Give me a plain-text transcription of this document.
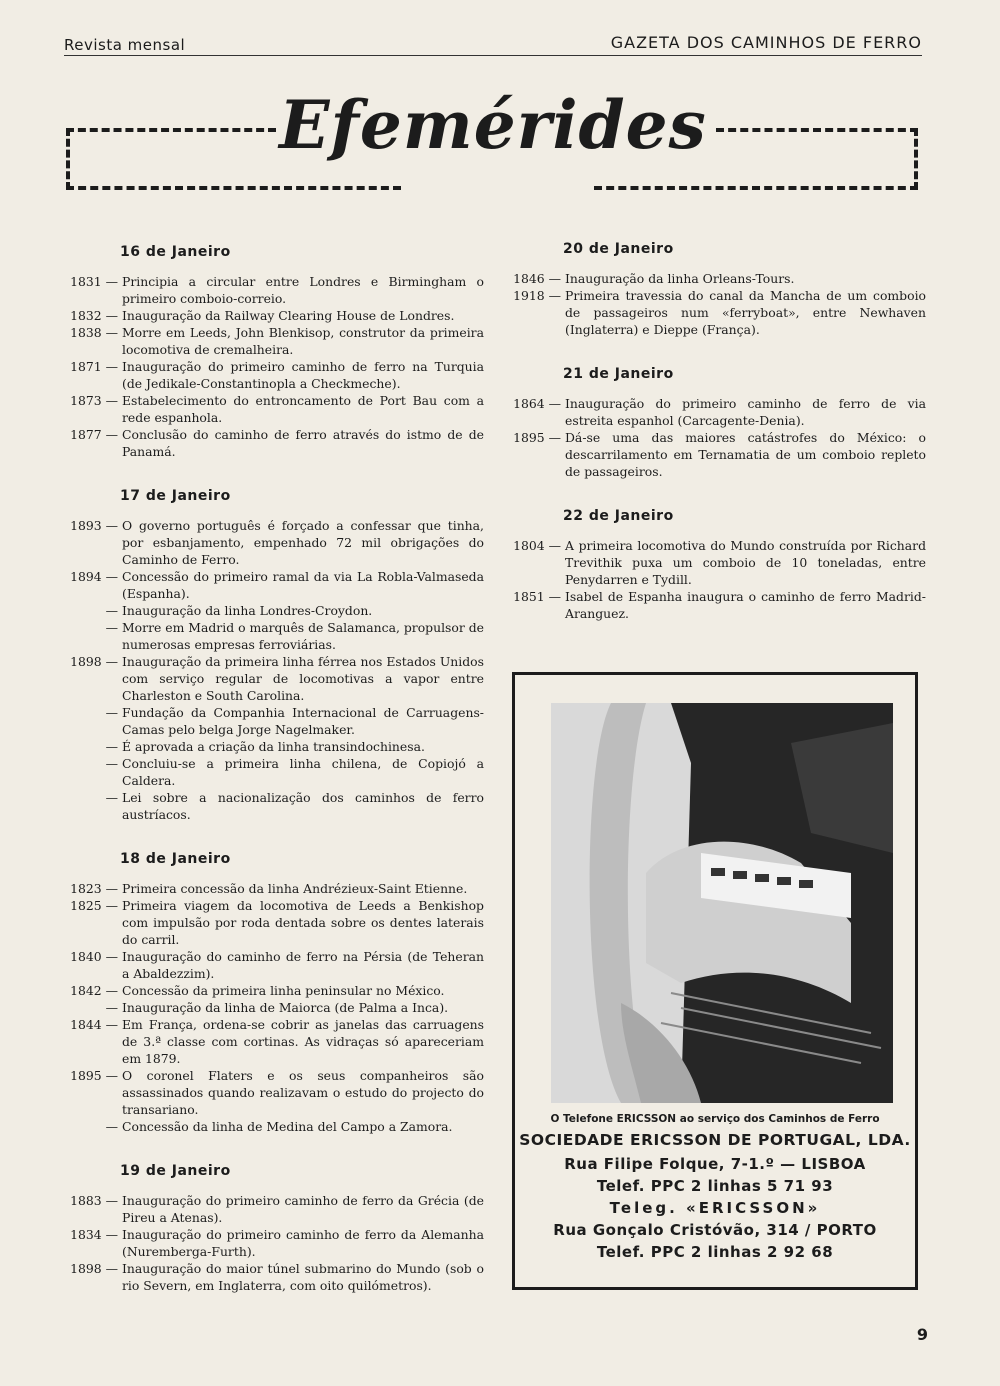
Revista mensal	GAZETA DOS CAMINHOS DE FERRO
Efemérides
16 de Janeiro
1831 — Principia a circular entre Londres e Birmingham o primeiro comboio-correio.
1832 — Inauguração da Railway Clearing House de Londres.
1838 — Morre em Leeds, John Blenkisop, construtor da primeira locomotiva de cremalheira.
1871 — Inauguração do primeiro caminho de ferro na Turquia (de Jedikale-Constantinopla a Checkmeche).
1873 — Estabelecimento do entroncamento de Port Bau com a rede espanhola.
1877 — Conclusão do caminho de ferro através do istmo de de Panamá.
17 de Janeiro
1893 — O governo português é forçado a confessar que tinha, por esbanjamento, empenhado 72 mil obrigações do Caminho de Ferro.
1894 — Concessão do primeiro ramal da via La Robla-Valmaseda (Espanha).
— Inauguração da linha Londres-Croydon.
— Morre em Madrid o marquês de Salamanca, propulsor de numerosas empresas ferroviárias.
1898 — Inauguração da primeira linha férrea nos Estados Unidos com serviço regular de locomotivas a vapor entre Charleston e South Carolina.
— Fundação da Companhia Internacional de Carruagens-Camas pelo belga Jorge Nagelmaker.
— É aprovada a criação da linha transindochinesa.
— Concluiu-se a primeira linha chilena, de Copiojó a Caldera.
— Lei sobre a nacionalização dos caminhos de ferro austríacos.
18 de Janeiro
1823 — Primeira concessão da linha Andrézieux-Saint Etienne.
1825 — Primeira viagem da locomotiva de Leeds a Benkishop com impulsão por roda dentada sobre os dentes laterais do carril.
1840 — Inauguração do caminho de ferro na Pérsia (de Teheran a Abaldezzim).
1842 — Concessão da primeira linha peninsular no México.
— Inauguração da linha de Maiorca (de Palma a Inca).
1844 — Em França, ordena-se cobrir as janelas das carruagens de 3.ª classe com cortinas. As vidraças só apareceriam em 1879.
1895 — O coronel Flaters e os seus companheiros são assassinados quando realizavam o estudo do projecto do transariano.
— Concessão da linha de Medina del Campo a Zamora.
19 de Janeiro
1883 — Inauguração do primeiro caminho de ferro da Grécia (de Pireu a Atenas).
1834 — Inauguração do primeiro caminho de ferro da Alemanha (Nuremberga-Furth).
1898 — Inauguração do maior túnel submarino do Mundo (sob o rio Severn, em Inglaterra, com oito quilómetros).
20 de Janeiro
1846 — Inauguração da linha Orleans-Tours.
1918 — Primeira travessia do canal da Mancha de um comboio de passageiros num «ferryboat», entre Newhaven (Inglaterra) e Dieppe (França).
21 de Janeiro
1864 — Inauguração do primeiro caminho de ferro de via estreita espanhol (Carcagente-Denia).
1895 — Dá-se uma das maiores catástrofes do México: o descarrilamento em Ternamatia de um comboio repleto de passageiros.
22 de Janeiro
1804 — A primeira locomotiva do Mundo construída por Richard Trevithik puxa um comboio de 10 toneladas, entre Penydarren e Tydill.
1851 — Isabel de Espanha inaugura o caminho de ferro Madrid-Aranguez.
O Telefone ERICSSON ao serviço dos Caminhos de Ferro
SOCIEDADE ERICSSON DE PORTUGAL, LDA.
Rua Filipe Folque, 7-1.º — LISBOA
Telef. PPC 2 linhas 5 71 93
Teleg. «ERICSSON»
Rua Gonçalo Cristóvão, 314 / PORTO
Telef. PPC 2 linhas 2 92 68
9
